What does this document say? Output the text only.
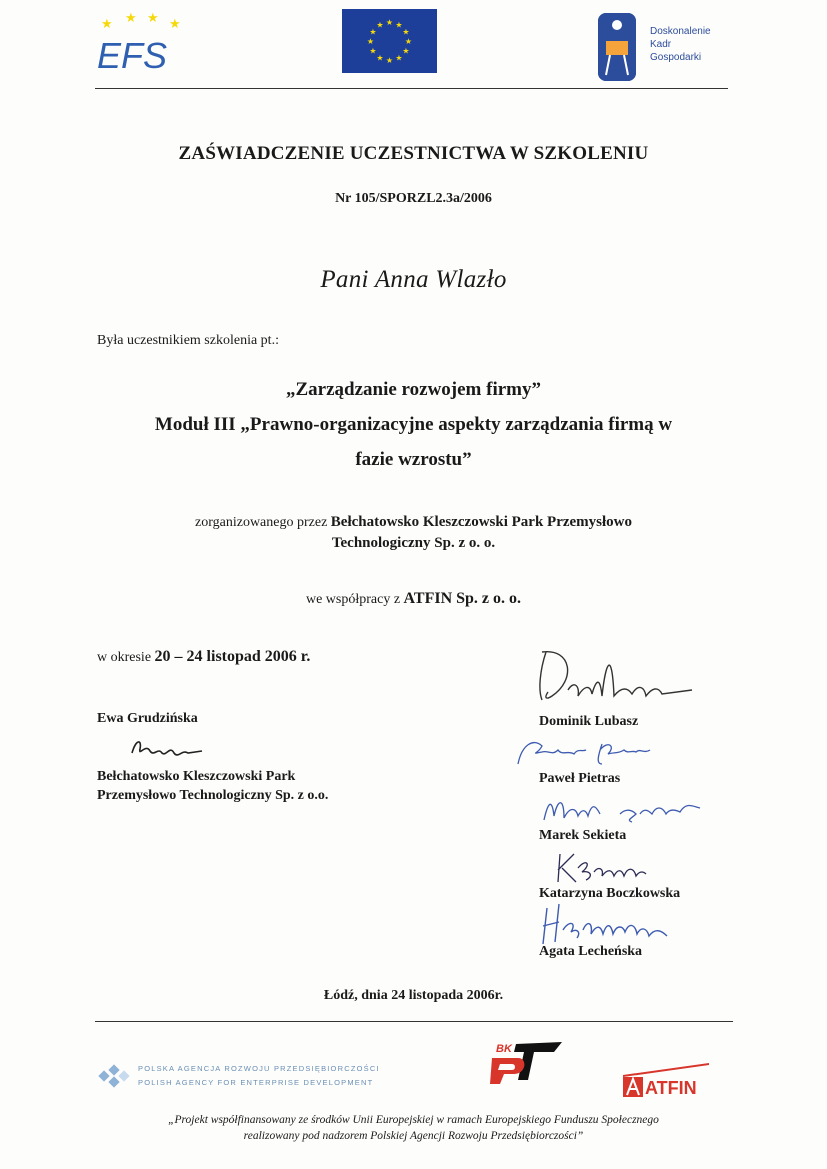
★ ★ ★ ★
EFS
★ ★
★
★
★
★
★
★
★
★
★
★
Doskonalenie
Kadr
Gospodarki
ZAŚWIADCZENIE UCZESTNICTWA W SZKOLENIU
Nr 105/SPORZL2.3a/2006
Pani Anna Wlazło
Była uczestnikiem szkolenia pt.:
„Zarządzanie rozwojem firmy”
Moduł III „Prawno-organizacyjne aspekty zarządzania firmą w
fazie wzrostu”
zorganizowanego przez Bełchatowsko Kleszczowski Park Przemysłowo
Technologiczny Sp. z o. o.
we współpracy z ATFIN Sp. z o. o.
w okresie 20 – 24 listopad 2006 r.
Ewa Grudzińska
Bełchatowsko Kleszczowski Park
Przemysłowo Technologiczny Sp. z o.o.
Dominik Lubasz
Paweł Pietras
Marek Sekieta
Katarzyna Boczkowska
Agata Lecheńska
Łódź, dnia 24 listopada 2006r.
POLSKA AGENCJA ROZWOJU PRZEDSIĘBIORCZOŚCI
POLISH AGENCY FOR ENTERPRISE DEVELOPMENT
BK
ATFIN
„Projekt współfinansowany ze środków Unii Europejskiej w ramach Europejskiego Funduszu Społecznego
realizowany pod nadzorem Polskiej Agencji Rozwoju Przedsiębiorczości”
